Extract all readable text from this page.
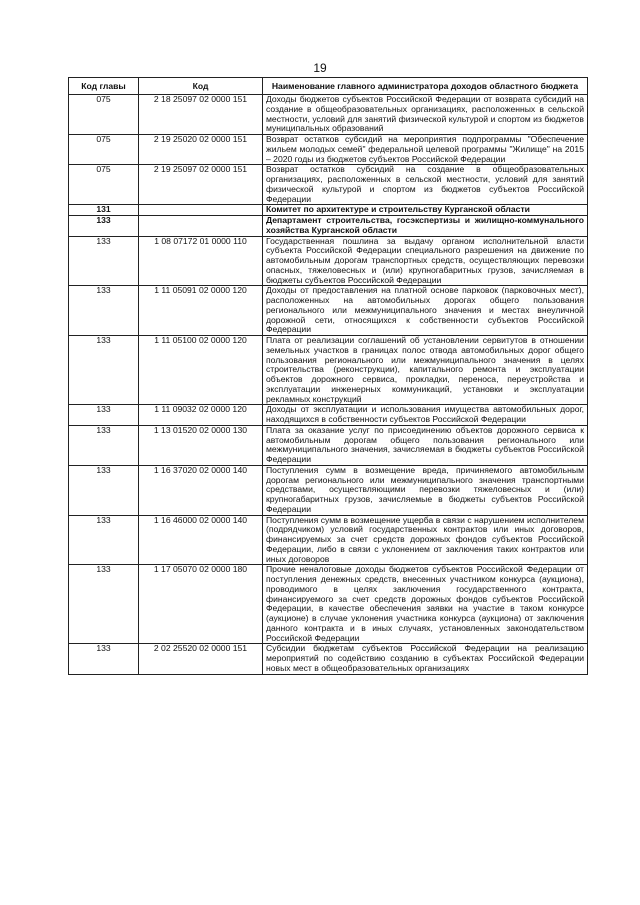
19
Код главы	Код	Наименование главного администратора доходов областного бюджета
075	2 18 25097 02 0000 151	Доходы бюджетов субъектов Российской Федерации от возврата субсидий на создание в общеобразовательных организациях, расположенных в сельской местности, условий для занятий физической культурой и спортом из бюджетов муниципальных образований
075	2 19 25020 02 0000 151	Возврат остатков субсидий на мероприятия подпрограммы "Обеспечение жильем молодых семей" федеральной целевой программы "Жилище" на 2015 – 2020 годы из бюджетов субъектов Российской Федерации
075	2 19 25097 02 0000 151	Возврат остатков субсидий на создание в общеобразовательных организациях, расположенных в сельской местности, условий для занятий физической культурой и спортом из бюджетов субъектов Российской Федерации
131		Комитет по архитектуре и строительству Курганской области
133		Департамент строительства, госэкспертизы и жилищно-коммунального хозяйства Курганской области
133	1 08 07172 01 0000 110	Государственная пошлина за выдачу органом исполнительной власти субъекта Российской Федерации специального разрешения на движение по автомобильным дорогам транспортных средств, осуществляющих перевозки опасных, тяжеловесных и (или) крупногабаритных грузов, зачисляемая в бюджеты субъектов Российской Федерации
133	1 11 05091 02 0000 120	Доходы от предоставления на платной основе парковок (парковочных мест), расположенных на автомобильных дорогах общего пользования регионального или межмуниципального значения и местах внеуличной дорожной сети, относящихся к собственности субъектов Российской Федерации
133	1 11 05100 02 0000 120	Плата от реализации соглашений об установлении сервитутов в отношении земельных участков в границах полос отвода автомобильных дорог общего пользования регионального или межмуниципального значения в целях строительства (реконструкции), капитального ремонта и эксплуатации объектов дорожного сервиса, прокладки, переноса, переустройства и эксплуатации инженерных коммуникаций, установки и эксплуатации рекламных конструкций
133	1 11 09032 02 0000 120	Доходы от эксплуатации и использования имущества автомобильных дорог, находящихся в собственности субъектов Российской Федерации
133	1 13 01520 02 0000 130	Плата за оказание услуг по присоединению объектов дорожного сервиса к автомобильным дорогам общего пользования регионального или межмуниципального значения, зачисляемая в бюджеты субъектов Российской Федерации
133	1 16 37020 02 0000 140	Поступления сумм в возмещение вреда, причиняемого автомобильным дорогам регионального или межмуниципального значения транспортными средствами, осуществляющими перевозки тяжеловесных и (или) крупногабаритных грузов, зачисляемые в бюджеты субъектов Российской Федерации
133	1 16 46000 02 0000 140	Поступления сумм в возмещение ущерба в связи с нарушением исполнителем (подрядчиком) условий государственных контрактов или иных договоров, финансируемых за счет средств дорожных фондов субъектов Российской Федерации, либо в связи с уклонением от заключения таких контрактов или иных договоров
133	1 17 05070 02 0000 180	Прочие неналоговые доходы бюджетов субъектов Российской Федерации от поступления денежных средств, внесенных участником конкурса (аукциона), проводимого в целях заключения государственного контракта, финансируемого за счет средств дорожных фондов субъектов Российской Федерации, в качестве обеспечения заявки на участие в таком конкурсе (аукционе) в случае уклонения участника конкурса (аукциона) от заключения данного контракта и в иных случаях, установленных законодательством Российской Федерации
133	2 02 25520 02 0000 151	Субсидии бюджетам субъектов Российской Федерации на реализацию мероприятий по содействию созданию в субъектах Российской Федерации новых мест в общеобразовательных организациях
